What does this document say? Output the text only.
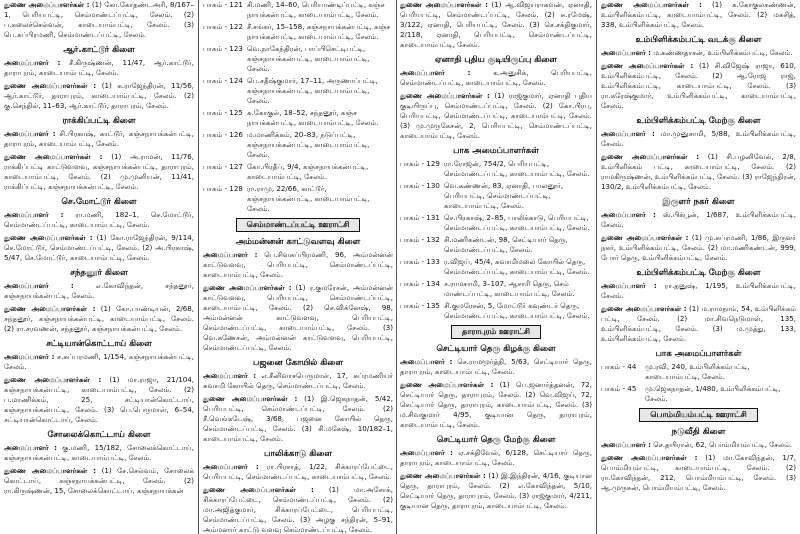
துணை அமைப்பாளர்கள் : (1) கோ.கோதண்டஅரி, 8/167–1, பெரியபட்டி, செம்மாண்டப்பட்டி, சேலம். (2) ப.கலைச்செல்வன், காடையாம்பட்டி, சேலம். (3) பெ.சுப்பிரமணி, செம்மாண்டப்பட்டி, சேலம்.

ஆர்.காட்டூர் கிளை

அமைப்பாளர் : சீ.கிருஷ்ணன், 11/47, ஆர்.காட்டூர், தாராபுரம், காடையாம்பட்டி, சேலம்.

துணை அமைப்பாளர்கள் : (1) க.ராஜேந்திரன், 11/56, ஆர்.காட்டூர், தாராபுரம், காடையாம்பட்டி, சேலம். (2) கு.செந்தில், 11–63, ஆர்.காட்டூர், தாராபுரம், சேலம்.

ராக்கிப்பட்டி கிளை

அமைப்பாளர் : சி.பிரகாஷ், காட்டூர், கஞ்சநாயக்கன்பட்டி, தாராபுரம், காடையாம்பட்டி, சேலம்.

துணை அமைப்பாளர்கள் : (1) அ.ராமன், 11/76, ராக்கிப்பட்டி காட்டுவளவு, கஞ்சநாயக்கன்பட்டி, தாராபுரம், காடையாம்பட்டி, சேலம். (2) மு.முனியன், 11/41, ராக்கிப்பட்டி, கஞ்சநாயக்கன்பட்டி, சேலம்.

செ.மோட்டூர் கிளை

அமைப்பாளர் : ரா.மணி, 182–1, செ.மோட்டூர், செம்மாண்டப்பட்டி, காடையாம்பட்டி, சேலம்.

துணை அமைப்பாளர்கள் : (1) கோ.ராஜேந்திரன், 9/114, செ.மோட்டூர், செம்மாண்டப்பட்டி, சேலம். (2) அ.பிரகாஷ், 5/47, செ.மோட்டூர், காடையாம்பட்டி, சேலம்.

சந்தனூர் கிளை

அமைப்பாளர் :	எ.கோவிந்தன், சந்தனூர், கஞ்சநாயக்கன்பட்டி, சேலம்.

துணை அமைப்பாளர்கள் : (1) கோ.பாண்டியன், 2/68, சந்தனூர், கஞ்சநாயக்கன்பட்டி, காடையாம்பட்டி, சேலம். (2) ரா.சரவணன், சந்தனூர், கஞ்சநாயக்கன்பட்டி, சேலம்.

சட்டியான்கொட்டாய் கிளை

அமைப்பாளர் : ச.சுப்பரமணி, 1/154, கஞ்சநாயக்கன்பட்டி, சேலம்.

துணை அமைப்பாளர்கள் : (1) மா.ராஜா, 21/104, கஞ்சநாயக்கன்பட்டி, காடையாம்பட்டி, சேலம். (2) ப.மாணிக்கம், 25, சட்டியான்கொட்டாய், கஞ்சநாயக்கன்பட்டி, சேலம். (3) பெ.பெருமாள், 6–54, சட்டியான்கொட்டாய், சேலம்.

சோலைக்கொட்டாய் கிளை

அமைப்பாளர் : கு.மணி, 15/182, சோலைக்கொட்டாய், கஞ்சநாயக்கன்பட்டி, காடையாம்பட்டி, சேலம்.

துணை அமைப்பாளர்கள் : (1) சே.செல்வம், சோலைக் கொட்டாய், கஞ்சநாயக்கன்பட்டி, சேலம். (2) ரா.கிருஷ்ணன், 15, சோலைக்கொட்டாய், கஞ்சநாயக்கன்

பாகம் - 121 சி.மணி, 14–60, பெரியாண்டிப்பட்டி, கஞ்ச நாயக்கன்பட்டி, காடையாம்பட்டி, சேலம்.
பாகம் - 122 சீ.சங்கர், 15–158, கஞ்சநாயக்கன்பட்டி, கஞ்ச நாயக்கன்பட்டி, காடையாம்பட்டி, சேலம்.
பாகம் - 123 வெ.நாகேந்திரன், பாப்பிசெட்டிபட்டி, கஞ்சநாயக்கன்பட்டி, காடையாம்பட்டி, சேலம்.
பாகம் - 124 பெ.சதீஷ்குமார், 17–11, அருணாப்பட்டி, கஞ்சநாயக்கன்பட்டி, காடையாம்பட்டி, சேலம்.
பாகம் - 125 க.கோகுல், 18–52, சந்தனூர், கஞ்ச நாயக்கன்பட்டி, காடையாம்பட்டி, சேலம்.
பாகம் - 126 ம.மாணிக்கம், 20–83, நடுப்பட்டி, கஞ்சநாயக்கன்பட்டி, காடையாம்பட்டி, சேலம்.
பாகம் - 127 கோ.பிரதீப், 9/4, கஞ்சநாயக்கன்பட்டி, காடையாம்பட்டி, சேலம்.
பாகம் - 128 ரா.ராமு, 22/66, காட்டூர், கஞ்சநாயக்கன்பட்டி, காடையாம்பட்டி, சேலம்.
செம்மாண்டப்பட்டி ஊராட்சி
அம்மன்னன் காட்டுவளவு கிளை

அமைப்பாளர் : பெ.சிவசுப்பிரமணி, 96, அம்மன்னன் காட்டுவளவு, பெரியபட்டி, செம்மாண்டப்பட்டி, காடையாம்பட்டி, சேலம்.

துணை அமைப்பாளர்கள் : (1) ர.குமரேசன், அம்மன்னன் காட்டுவளவு, பெரியபட்டி, செம்மாண்டப்பட்டி, காடையாம்பட்டி, சேலம். (2) செ.விக்னேஷ், 98, அம்மன்னன் காட்டுவளவு, பெரியபட்டி, செம்மாண்டப்பட்டி, காடையாம்பட்டி, சேலம். (3) வெ.கணேசன், அம்மன்னன் காட்டுவளவு, பெரியபட்டி, செம்மாண்டப்பட்டி, சேலம்.

பஜனை கோயில் கிளை

அமைப்பாளர் : எ.சீனிவாசபெருமாள், 17, சுப்ரமணியர் சுவாமி கோயில் தெரு, செம்மாண்டப்பட்டி, சேலம்.

துணை அமைப்பாளர்கள் : (1) இ.ஜெகநாதன், 5/42, பெரியபட்டி, செம்மாண்டப்பட்டி, சேலம். (2) சீ.வெங்கடேஷ், 3/68, பஜனை கோயில் தெரு, செம்மாண்டப்பட்டி, சேலம். (3) சி.மகேஷ், 10/182–1, காடையாம்பட்டி, சேலம்.

பாலிக்காடு கிளை

அமைப்பாளர் : ரா.பிரசாத், 1/22, சிக்காரப்பேட்டை, பெரியபட்டி, செம்மாண்டப்பட்டி, காடையாம்பட்டி, சேலம்.

துணை அமைப்பாளர்கள் : (1) மா.அசோக், சிக்காரப்பேட்டை, செம்மாண்டப்பட்டி, சேலம். (2) மா.அஜித்குமார், சிக்காரப்பேட்டை, பெரியபட்டி, செம்மாண்டப்பட்டி, சேலம். (3) அழகு சந்திரன், 5–91, அம்மனார் காட்டு வளவு செம்மாண்டப்பட்டி, சேலம்.

துணை அமைப்பாளர்கள் : (1) ஆ.விஜயராகவன், ஏனாதி, பெரியபட்டி, செம்மாண்டப்பட்டி, சேலம். (2) சு.ரமேஷ், 3/122, ஏனாதி, பெரியபட்டி, சேலம். (3) செ.சக்திகுமார், 2/118, ஏனாதி, பெரியபட்டி, செம்மாண்டப்பட்டி, காடையாம்பட்டி, சேலம்.

ஏனாதி புதிய குடியிருப்பு கிளை

அமைப்பாளர் :	க.அனுசிக், பெரியபட்டி, செம்மாண்டப்பட்டி, காடையாம்பட்டி, சேலம்.

துணை அமைப்பாளர்கள் : (1) ராஜ்குமார், ஏனாதி புதிய குடியிருப்பு, செம்மாண்டப்பட்டி, சேலம். (2) கோ.பிரபு, பெரியபட்டி, செம்மாண்டப்பட்டி, காடையாம்பட்டி, சேலம். (3) மு.முருகேசன், 2, பெரியபட்டி, செம்மாண்டப்பட்டி, காடையாம்பட்டி, சேலம்.

பாக அமைப்பாளர்கள்
பாகம் - 129 ரா.ரோஜன், 754/2, பெரியபட்டி, செம்மாண்டப்பட்டி, காடையாம்பட்டி, சேலம்.
பாகம் - 130 வெ.கண்ணன், 83, ஏனாதி, பாலனூர், பெரியபட்டி, செம்மாண்டப்பட்டி, காடையாம்பட்டி, சேலம்.
பாகம் - 131 செ.பிரகாஷ், 2–85, பாலிக்காடு, பெரியபட்டி, செம்மாண்டப்பட்டி, காடையாம்பட்டி, சேலம்.
பாகம் - 132 சி.மணிகண்டன், 98, செட்டியார் தெரு, செம்மாண்டப்பட்டி, சேலம்.
பாகம் - 133 ர.விஜய், 45/4, சுவாமிமலை கோயில் தெரு, செம்மாண்டப்பட்டி, காடையாம்பட்டி, சேலம்.
பாகம் - 134 ச.ராமசாமி, 3–107, ஆசாரி தெரு, செம் மாண்டப்பட்டி, காடையாம்பட்டி, சேலம்.
பாகம் - 135 சி.குமரேசன், 5, மோட்டூர் கவுண்டர் தெரு, செம்மாண்டப்பட்டி, காடையாம்பட்டி, சேலம்.
தாராபுரம் ஊராட்சி
செட்டியார் தெரு கிழக்கு கிளை

அமைப்பாளர் : செ.ராமமூர்த்தி, 5/63, செட்டியார் தெரு, தாராபுரம், காடையாம்பட்டி, சேலம்.

துணை அமைப்பாளர்கள் : (1) பெ.ஜனார்த்தனன், 72, செட்டியார் தெரு, தாராபுரம், சேலம். (2) வெ.விஜய், 72, செட்டியார் தெரு, தாராபுரம், காடையாம்பட்டி, சேலம். (3) ம.சிவகுமார் 4/95, குடியான தெரு, தாராபுரம், காடையாம்பட்டி, சேலம்.

செட்டியார் தெரு மேற்கு கிளை

அமைப்பாளர் : ஏ.சக்திவேல், 6/128, செட்டியார் தெரு, தாராபுரம், காடையாம்பட்டி, சேலம்.

துணை அமைப்பாளர்கள் : (1) இ.இந்திரன், 4/16, குடியான தெரு, தாராபுரம், சேலம். (2) எ.கோவிந்தன், 5/10, செட்டியார் தெரு, தாராபுரம், சேலம். (3) ராஜ்குமார், 4/211, குடியான தெரு, தாராபுரம், காடையாம்பட்டி, சேலம்.

துணை அமைப்பாளர்கள் : (1) க.கோகுலகண்ணன், உம்பிளிக்கம்பட்டி, காடையாம்பட்டி, சேலம். (2) மசுசித், 338, உம்பிளிக்கம்பட்டி, சேலம்.

உம்பிளிக்கம்பட்டி வடக்கு கிளை

அமைப்பாளர் : ம.கண்ணதாசன், உம்பிளிக்கம்பட்டி, சேலம்.

துணை அமைப்பாளர்கள் : (1) சி.விஜேஷ் ராஜா, 610, உம்பிளிக்கம்பட்டி, சேலம். (2) ஆ.ரோஜ ராஜ், உம்பிளிக்கம்பட்டி, காடையாம்பட்டி, சேலம். (3) ரா.சுரேஷ்குமார், உம்பிளிக்கம்பட்டி, காடையாம்பட்டி, சேலம்.

உம்பிளிக்கம்பட்டி மேற்கு கிளை

அமைப்பாளர் : மா.முனுசாமி, 5/88, உம்பிளிக்கம்பட்டி, சேலம்.

துணை அமைப்பாளர்கள் : (1) சி.பழனிவேல், 2/8, உம்பிளிக்கம் பட்டி, காடையாம்பட்டி, சேலம். (2) ராமகிருஷ்ணன், உம்பிளிக்கம்பட்டி, சேலம். (3) ராஜேந்திரன், 130/2, உம்பிளிக்கம்பட்டி, சேலம்.

இருளர் நகர் கிளை

அமைப்பாளர் : ஸ்.பிக்பூன், 1/687, உம்பிளிக்கம்பட்டி, சேலம்.

துணை அமைப்பாளர்கள் : (1) மு.சுப்ரமணி, 1/86, இருளர் நகர், உம்பிளிக்கம்பட்டி, சேலம். (2) மா.மணிகண்டன், 999, போர் தெரு, உம்பிளிக்கம்பட்டி, சேலம்.

உம்பிளிக்கம்பட்டி மேற்கு கிளை

அமைப்பாளர் : ரா.தனுஷ், 1/195, உம்பிளிக்கம்பட்டி, சேலம்.

துணை அமைப்பாளர்கள் : (1) ம.ராமநாம், 54, உம்பிளிக்கம் பட்டி, சேலம். (2) மா.சிவநெடுமாள், 135, உம்பிளிக்கம்பட்டி, சேலம். (3) ம.முத்து, 133, உம்பிளிக்கம்பட்டி, சேலம்.

பாக அமைப்பாளர்கள்
பாகம் - 44	மு.ரவி, 240, உம்பிளிக்கம்பட்டி, காடையாம்பட்டி, சேலம்.
பாகம் - 45	மு.ஜெகநாதன், 1/480, உம்பிளிக்கம்பட்டி, சேலம்.
பொம்மியம்பட்டி ஊராட்சி
நடுவீதி கிளை

அமைப்பாளர் : செ.தயிரான், 62, பொம்மியம்பட்டி, சேலம்.

துணை அமைப்பாளர்கள் : (1) மா.கோவிந்தன், 1/7, பொம்மியம்பட்டி, காடையாம்பட்டி, சேலம். (2) ரா.கோவிந்தன், 212, பொம்மியம்பட்டி, சேலம். (3) ஆ.முருகன், பொம்மியம்பட்டி, சேலம்.
